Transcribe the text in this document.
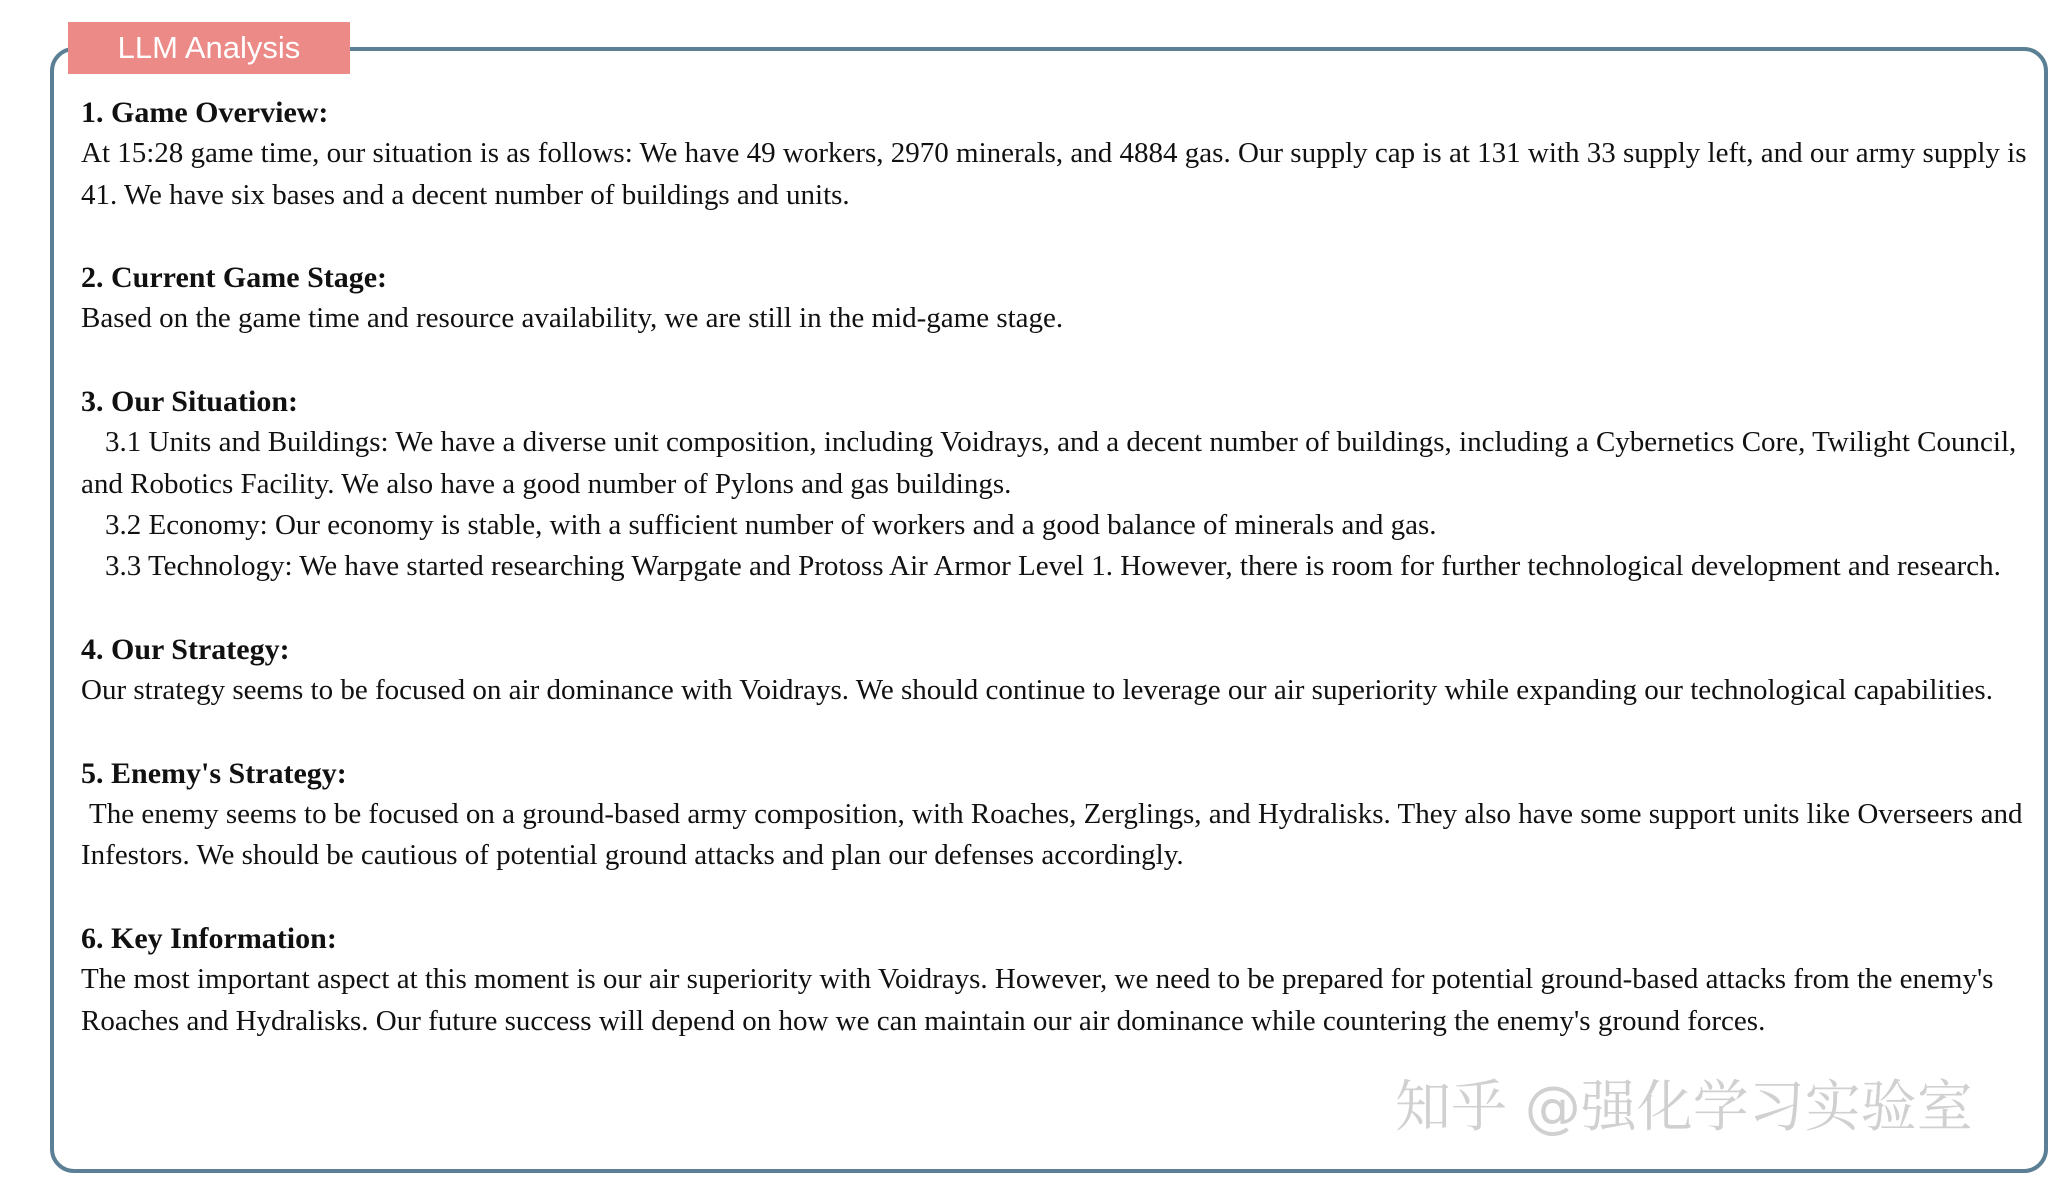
LLM Analysis
1. Game Overview:
At 15:28 game time, our situation is as follows: We have 49 workers, 2970 minerals, and 4884 gas. Our supply cap is at 131 with 33 supply left, and our army supply is 41. We have six bases and a decent number of buildings and units.
2. Current Game Stage:
Based on the game time and resource availability, we are still in the mid-game stage.
3. Our Situation:
3.1 Units and Buildings: We have a diverse unit composition, including Voidrays, and a decent number of buildings, including a Cybernetics Core, Twilight Council, and Robotics Facility. We also have a good number of Pylons and gas buildings.
3.2 Economy: Our economy is stable, with a sufficient number of workers and a good balance of minerals and gas.
3.3 Technology: We have started researching Warpgate and Protoss Air Armor Level 1. However, there is room for further technological development and research.
4. Our Strategy:
Our strategy seems to be focused on air dominance with Voidrays. We should continue to leverage our air superiority while expanding our technological capabilities.
5. Enemy's Strategy:
The enemy seems to be focused on a ground-based army composition, with Roaches, Zerglings, and Hydralisks. They also have some support units like Overseers and Infestors. We should be cautious of potential ground attacks and plan our defenses accordingly.
6. Key Information:
The most important aspect at this moment is our air superiority with Voidrays. However, we need to be prepared for potential ground-based attacks from the enemy's Roaches and Hydralisks. Our future success will depend on how we can maintain our air dominance while countering the enemy's ground forces.
知乎 @强化学习实验室
